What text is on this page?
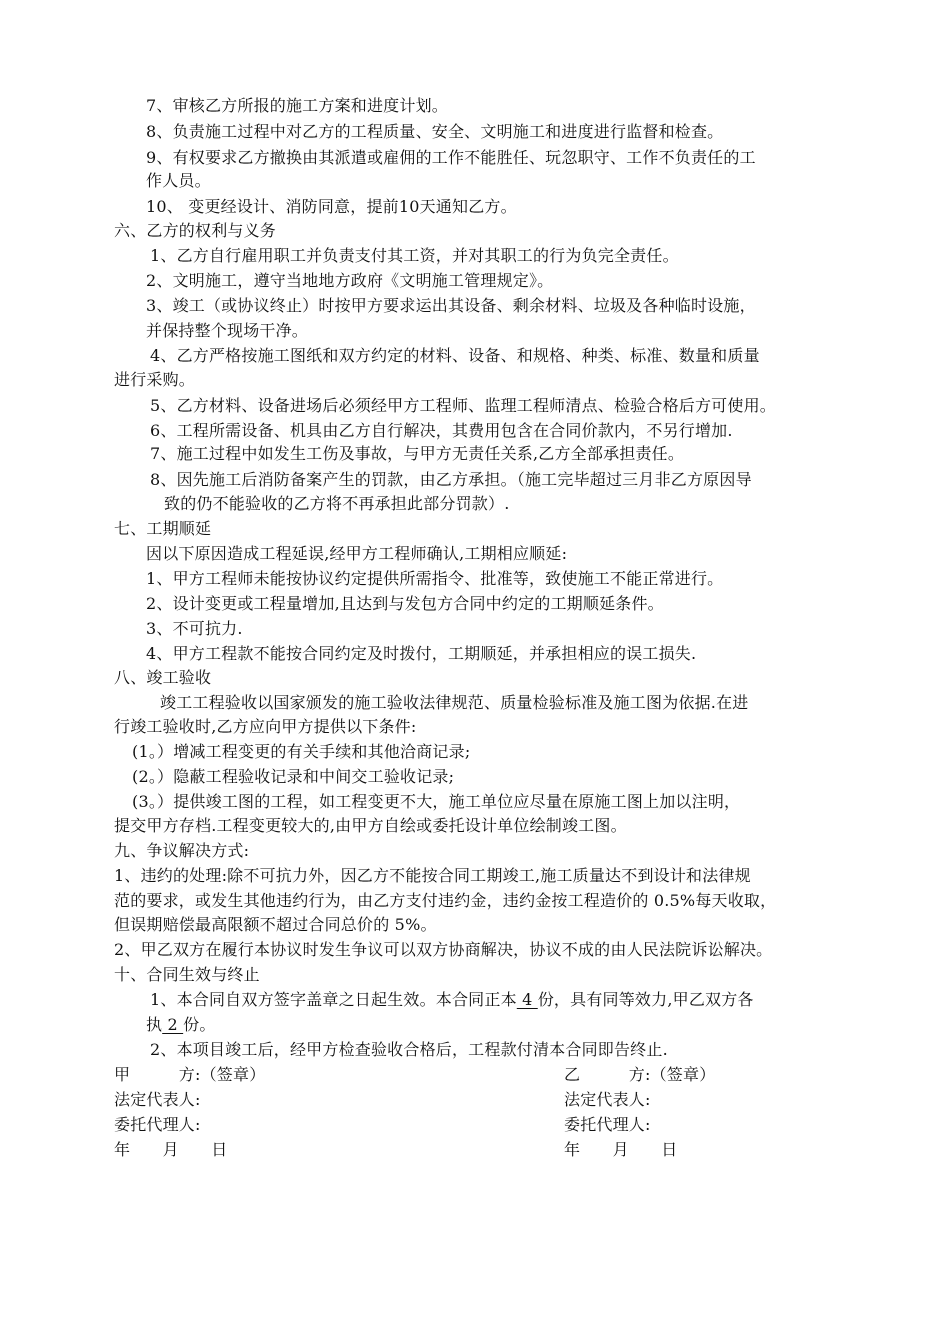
7、审核乙方所报的施工方案和进度计划。
8、负责施工过程中对乙方的工程质量、安全、文明施工和进度进行监督和检查。
9、有权要求乙方撤换由其派遣或雇佣的工作不能胜任、玩忽职守、工作不负责任的工
作人员。
10、 变更经设计、消防同意，提前10天通知乙方。
六、乙方的权利与义务
1、乙方自行雇用职工并负责支付其工资，并对其职工的行为负完全责任。
2、文明施工，遵守当地地方政府《文明施工管理规定》。
3、竣工（或协议终止）时按甲方要求运出其设备、剩余材料、垃圾及各种临时设施，
并保持整个现场干净。
4、乙方严格按施工图纸和双方约定的材料、设备、和规格、种类、标准、数量和质量
进行采购。
5、乙方材料、设备进场后必须经甲方工程师、监理工程师清点、检验合格后方可使用。
6、工程所需设备、机具由乙方自行解决，其费用包含在合同价款内，不另行增加.
7、施工过程中如发生工伤及事故，与甲方无责任关系,乙方全部承担责任。
8、因先施工后消防备案产生的罚款，由乙方承担。（施工完毕超过三月非乙方原因导
致的仍不能验收的乙方将不再承担此部分罚款）.
七、工期顺延
因以下原因造成工程延误,经甲方工程师确认,工期相应顺延:
1、甲方工程师未能按协议约定提供所需指令、批准等，致使施工不能正常进行。
2、设计变更或工程量增加,且达到与发包方合同中约定的工期顺延条件。
3、不可抗力.
4、甲方工程款不能按合同约定及时拨付，工期顺延，并承担相应的误工损失.
八、竣工验收
竣工工程验收以国家颁发的施工验收法律规范、质量检验标准及施工图为依据.在进
行竣工验收时,乙方应向甲方提供以下条件:
(1。）增减工程变更的有关手续和其他洽商记录;
(2。）隐蔽工程验收记录和中间交工验收记录;
(3。）提供竣工图的工程，如工程变更不大，施工单位应尽量在原施工图上加以注明，
提交甲方存档.工程变更较大的,由甲方自绘或委托设计单位绘制竣工图。
九、争议解决方式:
1、违约的处理:除不可抗力外，因乙方不能按合同工期竣工,施工质量达不到设计和法律规
范的要求，或发生其他违约行为，由乙方支付违约金，违约金按工程造价的 0.5%每天收取，
但误期赔偿最高限额不超过合同总价的 5%。
2、甲乙双方在履行本协议时发生争议可以双方协商解决，协议不成的由人民法院诉讼解决。
十、合同生效与终止
1、本合同自双方签字盖章之日起生效。本合同正本 4 份，具有同等效力,甲乙双方各
执 2 份。
2、本项目竣工后，经甲方检查验收合格后，工程款付清本合同即告终止.
甲　　　方:（签章）	乙　　　方:（签章）
法定代表人:	法定代表人:
委托代理人:	委托代理人:
年　　月　　日	年　　月　　日
